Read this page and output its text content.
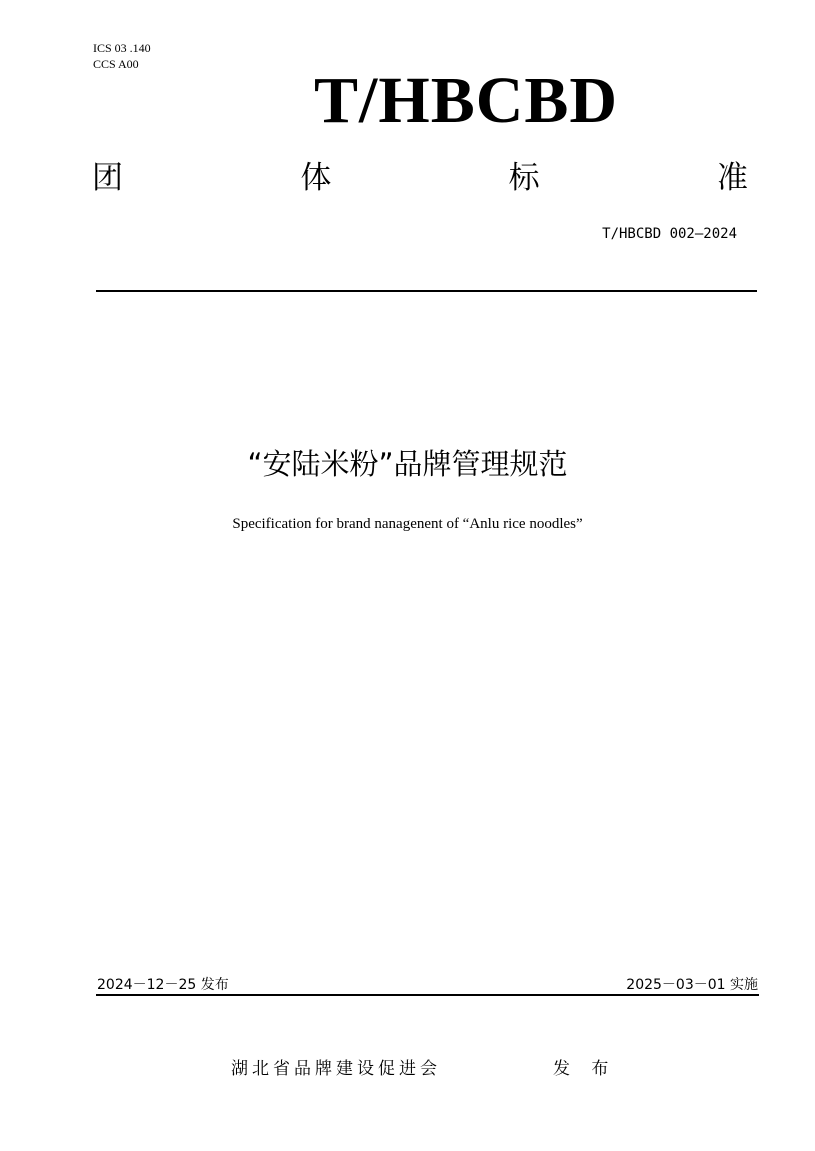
ICS 03 .140
CCS A00	T/HBCBD
团	体	标	准
T/HBCBD 002—2024
“安陆米粉”品牌管理规范
Specification for brand nanagenent of “Anlu rice noodles”
2024－12－25 发布	2025－03－01 实施
湖北省品牌建设促进会	发 布
